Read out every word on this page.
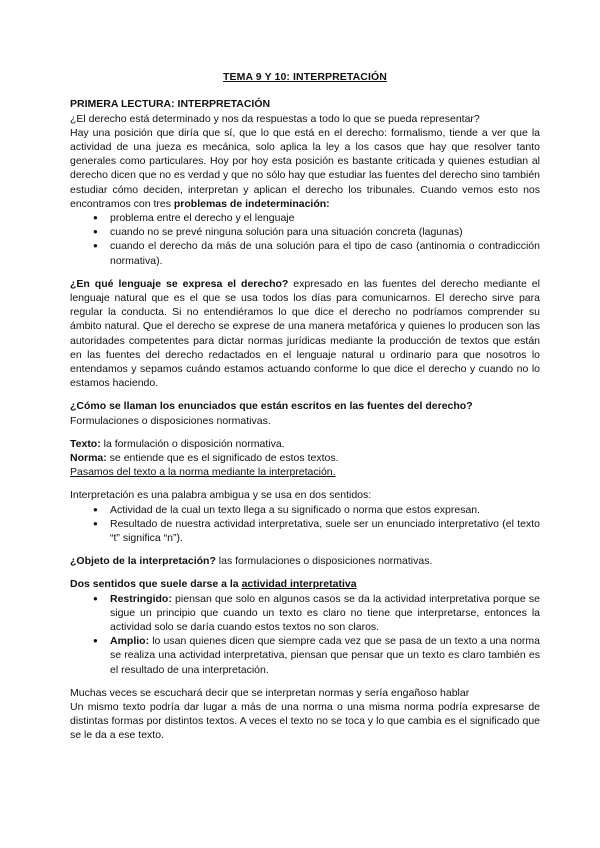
TEMA 9 Y 10: INTERPRETACIÓN
PRIMERA LECTURA: INTERPRETACIÓN

¿El derecho está determinado y nos da respuestas a todo lo que se pueda representar?

Hay una posición que diría que sí, que lo que está en el derecho: formalismo, tiende a ver que la actividad de una jueza es mecánica, solo aplica la ley a los casos que hay que resolver tanto generales como particulares. Hoy por hoy esta posición es bastante criticada y quienes estudian al derecho dicen que no es verdad y que no sólo hay que estudiar las fuentes del derecho sino también estudiar cómo deciden, interpretan y aplican el derecho los tribunales. Cuando vemos esto nos encontramos con tres problemas de indeterminación:

● problema entre el derecho y el lenguaje
● cuando no se prevé ninguna solución para una situación concreta (lagunas)
● cuando el derecho da más de una solución para el tipo de caso (antinomia o contradicción normativa).

¿En qué lenguaje se expresa el derecho? expresado en las fuentes del derecho mediante el lenguaje natural que es el que se usa todos los días para comunicarnos. El derecho sirve para regular la conducta. Si no entendiéramos lo que dice el derecho no podríamos comprender su ámbito natural. Que el derecho se exprese de una manera metafórica y quienes lo producen son las autoridades competentes para dictar normas jurídicas mediante la producción de textos que están en las fuentes del derecho redactados en el lenguaje natural u ordinario para que nosotros lo entendamos y sepamos cuándo estamos actuando conforme lo que dice el derecho y cuando no lo estamos haciendo.

¿Cómo se llaman los enunciados que están escritos en las fuentes del derecho?

Formulaciones o disposiciones normativas.

Texto: la formulación o disposición normativa.

Norma: se entiende que es el significado de estos textos.

Pasamos del texto a la norma mediante la interpretación.

Interpretación es una palabra ambigua y se usa en dos sentidos:

● Actividad de la cual un texto llega a su significado o norma que estos expresan.
● Resultado de nuestra actividad interpretativa, suele ser un enunciado interpretativo (el texto “t” significa “n”).

¿Objeto de la interpretación? las formulaciones o disposiciones normativas.

Dos sentidos que suele darse a la actividad interpretativa

● Restringido: piensan que solo en algunos casos se da la actividad interpretativa porque se sigue un principio que cuando un texto es claro no tiene que interpretarse, entonces la actividad solo se daría cuando estos textos no son claros.
● Amplio: lo usan quienes dicen que siempre cada vez que se pasa de un texto a una norma se realiza una actividad interpretativa, piensan que pensar que un texto es claro también es el resultado de una interpretación.

Muchas veces se escuchará decir que se interpretan normas y sería engañoso hablar

Un mismo texto podría dar lugar a más de una norma o una misma norma podría expresarse de distintas formas por distintos textos. A veces el texto no se toca y lo que cambia es el significado que se le da a ese texto.
